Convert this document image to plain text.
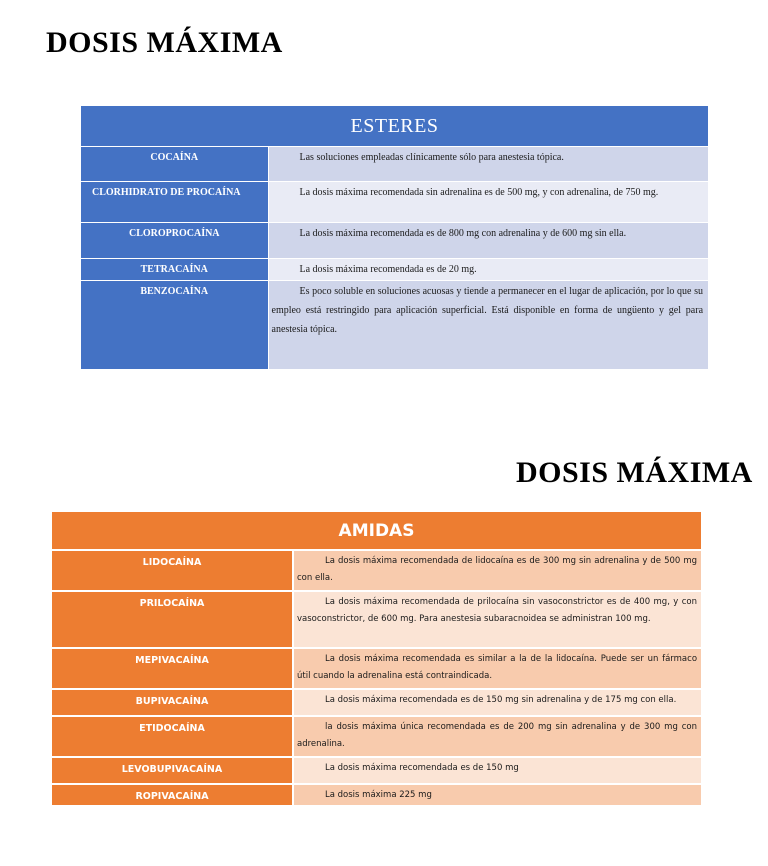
DOSIS MÁXIMA
ESTERES	
COCAÍNA	Las soluciones empleadas clínicamente sólo para anestesia tópica.
CLORHIDRATO DE PROCAÍNA	La dosis máxima recomendada sin adrenalina es de 500 mg, y con adrenalina, de 750 mg.
CLOROPROCAÍNA	La dosis máxima recomendada es de 800 mg con adrenalina y de 600 mg sin ella.
TETRACAÍNA	La dosis máxima recomendada es de 20 mg.
BENZOCAÍNA	Es poco soluble en soluciones acuosas y tiende a permanecer en el lugar de aplicación, por lo que su empleo está restringido para aplicación superficial. Está disponible en forma de ungüento y gel para anestesia tópica.
DOSIS MÁXIMA
AMIDAS	
LIDOCAÍNA	La dosis máxima recomendada de lidocaína es de 300 mg sin adrenalina y de 500 mg con ella.
PRILOCAÍNA	La dosis máxima recomendada de prilocaína sin vasoconstrictor es de 400 mg, y con vasoconstrictor, de 600 mg. Para anestesia subaracnoidea se administran 100 mg.
MEPIVACAÍNA	La dosis máxima recomendada es similar a la de la lidocaína. Puede ser un fármaco útil cuando la adrenalina está contraindicada.
BUPIVACAÍNA	La dosis máxima recomendada es de 150 mg sin adrenalina y de 175 mg con ella.
ETIDOCAÍNA	la dosis máxima única recomendada es de 200 mg sin adrenalina y de 300 mg con adrenalina.
LEVOBUPIVACAÍNA	La dosis máxima recomendada es de 150 mg
ROPIVACAÍNA	La dosis máxima 225 mg
